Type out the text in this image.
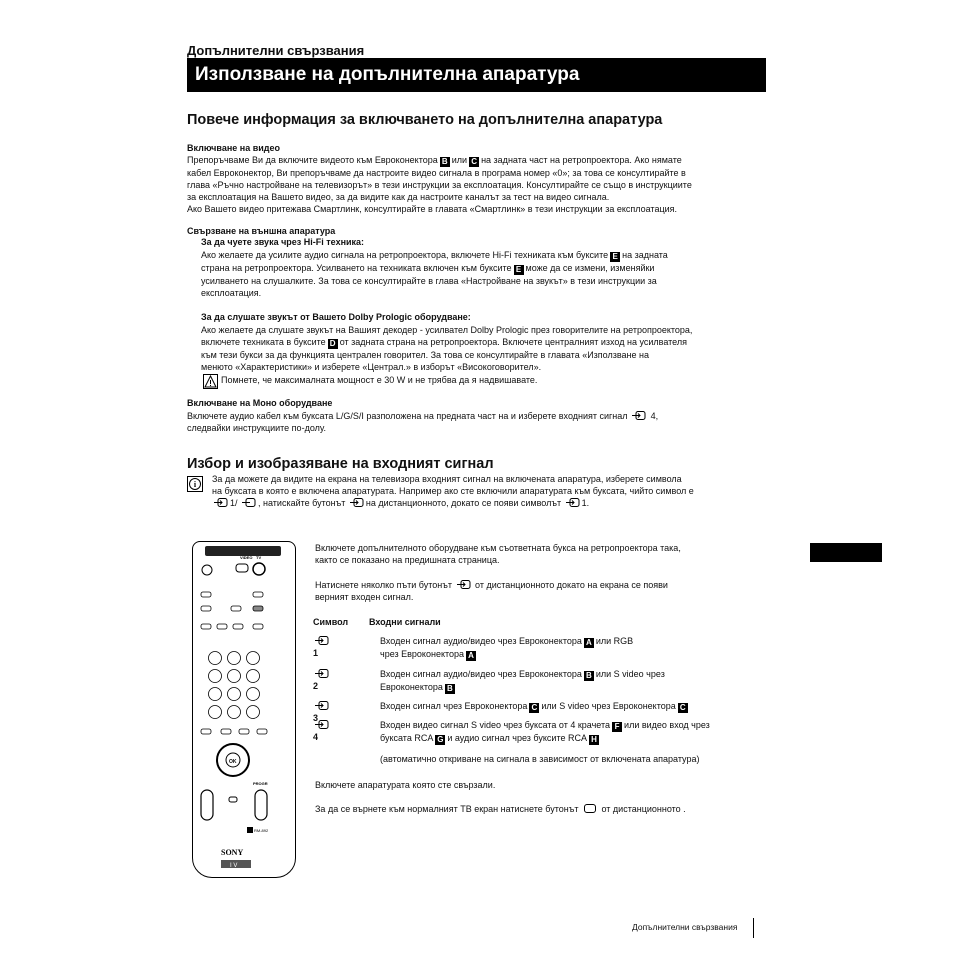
Допълнителни свързвания
Използване на допълнителна апаратура
Повече информация за включването на допълнителна апаратура
Включване на видео
Препоръчваме Ви да включите видеото към Евроконектора B или C на задната част на ретропроектора. Ако нямате
кабел Евроконектор, Ви препоръчваме да настроите видео сигнала в програма номер «0»; за това се консултирайте в
глава «Ръчно настройване на телевизорът» в тези инструкции за експлоатация. Консултирайте се също в инструкциите
за експлоатация на Вашето видео, за да видите как да настроите каналът за тест на видео сигнала.
Ако Вашето видео притежава Смартлинк, консултирайте в главата «Смартлинк» в тези инструкции за експлоатация.
Свързване на външна апаратура
За да чуете звука чрез Hi-Fi техника:
Ако желаете да усилите аудио сигнала на ретропроектора, включете Hi-Fi техниката към буксите E на задната
страна на ретропроектора. Усилването на техниката включен към буксите E може да се измени, изменяйки
усилването на слушалките. За това се консултирайте в глава «Настройване на звукът» в тези инструкции за
експлоатация.
За да слушате звукът от Вашето Dolby Prologic оборудване:
Ако желаете да слушате звукът на Вашият декодер - усилвател Dolby Prologic през говорителите на ретропроектора,
включете техниката в буксите D от задната страна на ретропроектора. Включете централният изход на усилвателя
към тези букси за да функцията централен говорител. За това се консултирайте в главата «Използване на
менюто «Характеристики» и изберете «Централ.» в изборът «Високоговорител».
Помнете, че максималната мощност е 30 W и не трябва да я надвишавате.
Включване на Моно оборудване
Включете аудио кабел към буксата L/G/S/I разположена на предната част на и изберете входният сигнал	4,
следвайки инструкциите по-долу.
Избор и изобразяване на входният сигнал
i
За да можете да видите на екрана на телевизора входният сигнал на включената апаратура, изберете символа
на буксата в която е включена апаратурата. Например ако сте включили апаратурата към буксата, чийто символ е
1/ , натискайте бутонът на дистанционното, докато се появи символът 1.
VIDEO TV
OK
PROGR
RM-892
SONY
I V
Включете допълнителното оборудване към съответната букса на ретропроектора така,
както се показано на предишната страница.
Натиснете няколко пъти бутонът	от дистанционното докато на екрана се появи
верният входен сигнал.
Символ Входни сигнали
1
Входен сигнал аудио/видео чрез Евроконектора A или RGB
чрез Евроконектора A
2
Входен сигнал аудио/видео чрез Евроконектора B или S video чрез
Евроконектора B
3
Входен сигнал чрез Евроконектора C или S video чрез Евроконектора C
4
Входен видео сигнал S video чрез буксата от 4 крачета F или видео вход чрез
буксата RCA G и аудио сигнал чрез буксите RCA H
(автоматично откриване на сигнала в зависимост от включената апаратура)
Включете апаратурата която сте свързали.
За да се върнете към нормалният ТВ екран натиснете бутонът	от дистанционното .
Допълнителни свързвания
